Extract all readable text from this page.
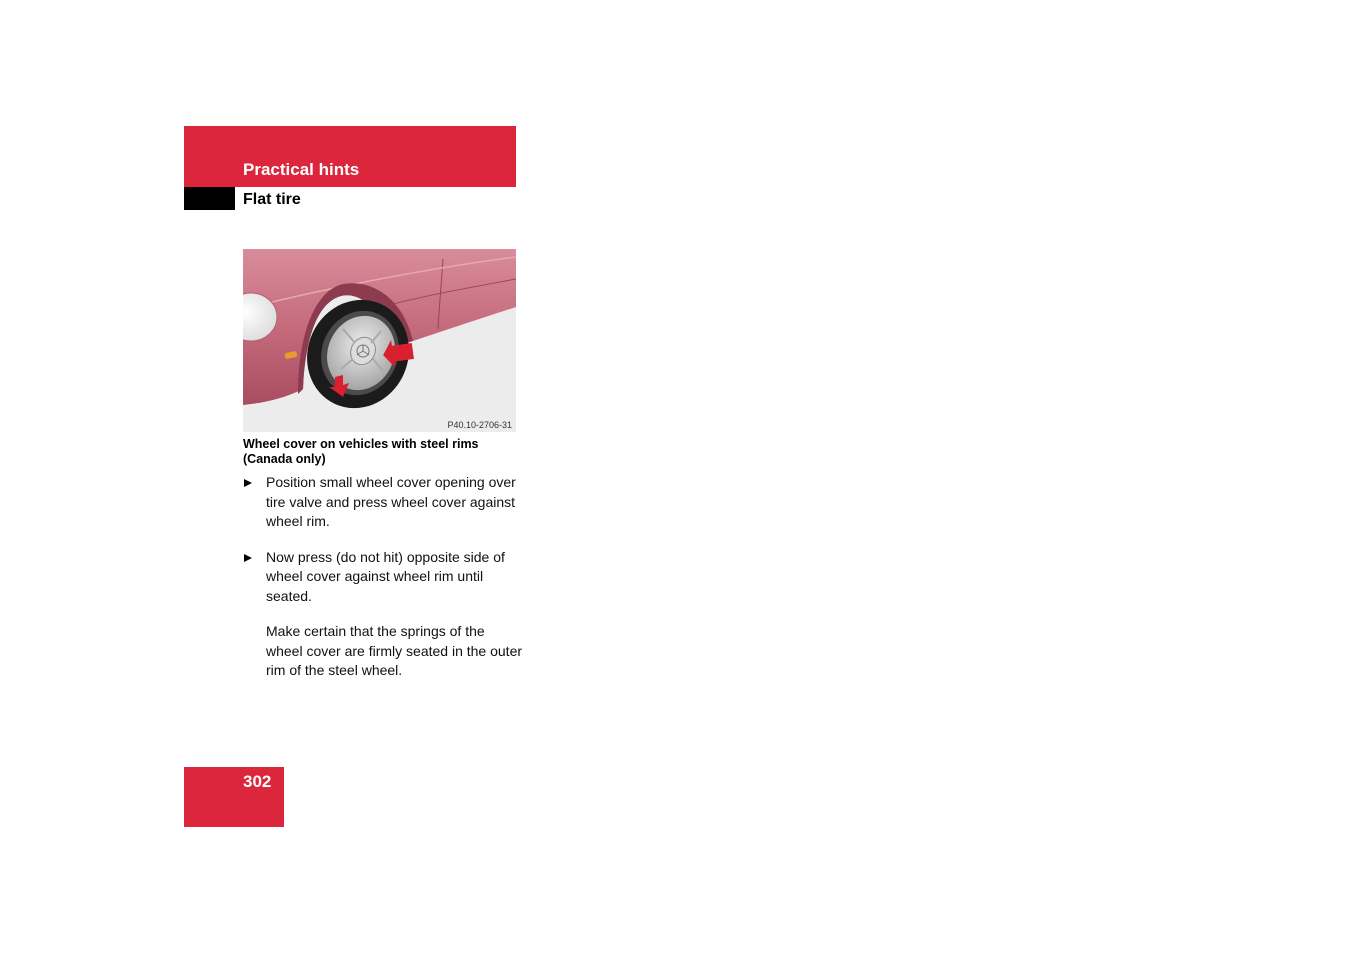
Practical hints
Flat tire
P40.10-2706-31
Wheel cover on vehicles with steel rims (Canada only)
Position small wheel cover opening over tire valve and press wheel cover against wheel rim.
Now press (do not hit) opposite side of wheel cover against wheel rim until seated.
Make certain that the springs of the wheel cover are firmly seated in the outer rim of the steel wheel.
302
